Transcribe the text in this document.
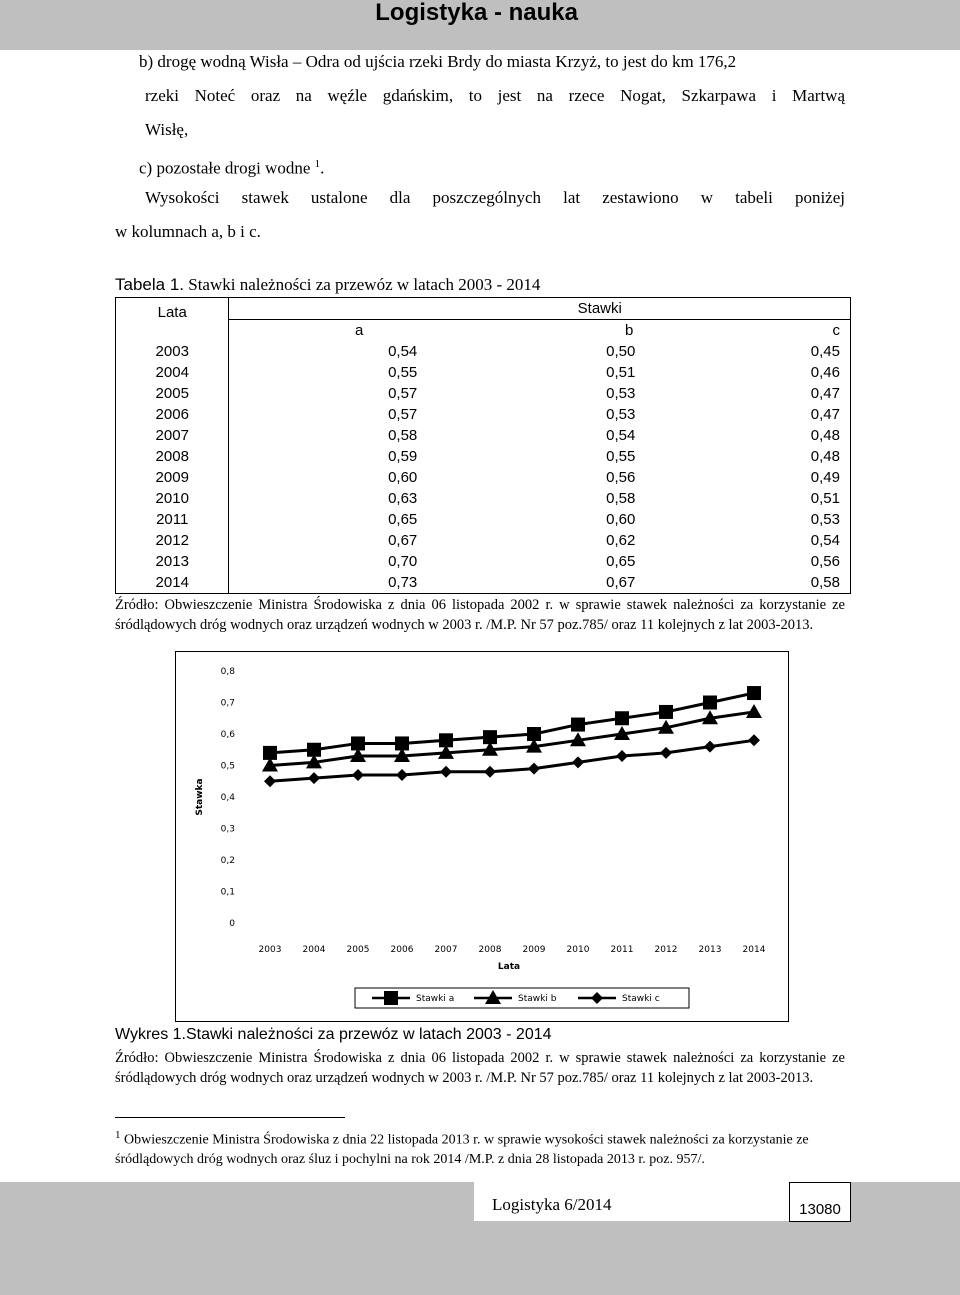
Logistyka - nauka
b) drogę wodną Wisła – Odra od ujścia rzeki Brdy do miasta Krzyż, to jest do km 176,2
rzeki Noteć oraz na węźle gdańskim, to jest na rzece Nogat, Szkarpawa i Martwą
Wisłę,
c) pozostałe drogi wodne $^1$.
Wysokości stawek ustalone dla poszczególnych lat zestawiono w tabeli poniżej
w kolumnach a, b i c.
Tabela 1. Stawki należności za przewóz w latach 2003 - 2014
Lata	Stawki		
	a	b	c
2003	0,54	0,50	0,45
2004	0,55	0,51	0,46
2005	0,57	0,53	0,47
2006	0,57	0,53	0,47
2007	0,58	0,54	0,48
2008	0,59	0,55	0,48
2009	0,60	0,56	0,49
2010	0,63	0,58	0,51
2011	0,65	0,60	0,53
2012	0,67	0,62	0,54
2013	0,70	0,65	0,56
2014	0,73	0,67	0,58
Źródło: Obwieszczenie Ministra Środowiska z dnia 06 listopada 2002 r. w sprawie stawek należności za korzystanie ze śródlądowych dróg wodnych oraz urządzeń wodnych w 2003 r. /M.P. Nr 57 poz.785/ oraz 11 kolejnych z lat 2003-2013.
0
0,1
0,2
0,3
0,4
0,5
0,6
0,7
0,8
2003 2004 2005 2006 2007 2008 2009 2010 2011 2012 2013 2014
Lata
Stawka
Stawki a	Stawki b	Stawki c
Wykres 1.Stawki należności za przewóz w latach 2003 - 2014
Źródło: Obwieszczenie Ministra Środowiska z dnia 06 listopada 2002 r. w sprawie stawek należności za korzystanie ze śródlądowych dróg wodnych oraz urządzeń wodnych w 2003 r. /M.P. Nr 57 poz.785/ oraz 11 kolejnych z lat 2003-2013.
$^1$ Obwieszczenie Ministra Środowiska z dnia 22 listopada 2013 r. w sprawie wysokości stawek należności za korzystanie ze śródlądowych dróg wodnych oraz śluz i pochylni na rok 2014 /M.P. z dnia 28 listopada 2013 r. poz. 957/.
Logistyka 6/2014	13080
